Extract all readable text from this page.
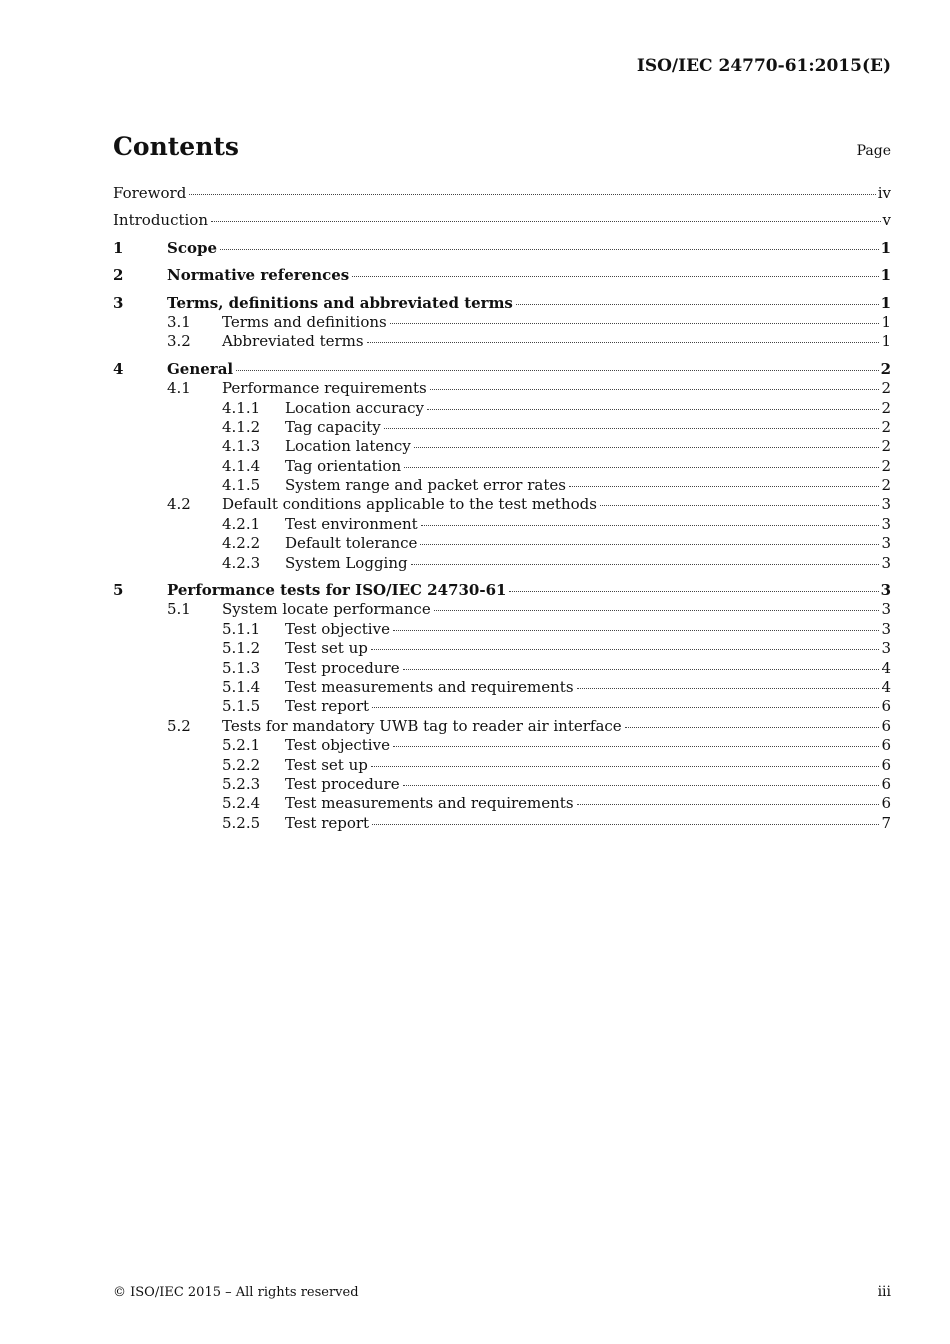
ISO/IEC 24770-61:2015(E)
Contents	Page
Foreword	iv
Introduction	v
1	Scope	1
2	Normative references	1
3	Terms, definitions and abbreviated terms	1
3.1	Terms and definitions	1
3.2	Abbreviated terms	1
4	General	2
4.1	Performance requirements	2
4.1.1	Location accuracy	2
4.1.2	Tag capacity	2
4.1.3	Location latency	2
4.1.4	Tag orientation	2
4.1.5	System range and packet error rates	2
4.2	Default conditions applicable to the test methods	3
4.2.1	Test environment	3
4.2.2	Default tolerance	3
4.2.3	System Logging	3
5	Performance tests for ISO/IEC 24730-61	3
5.1	System locate performance	3
5.1.1	Test objective	3
5.1.2	Test set up	3
5.1.3	Test procedure	4
5.1.4	Test measurements and requirements	4
5.1.5	Test report	6
5.2	Tests for mandatory UWB tag to reader air interface	6
5.2.1	Test objective	6
5.2.2	Test set up	6
5.2.3	Test procedure	6
5.2.4	Test measurements and requirements	6
5.2.5	Test report	7
© ISO/IEC 2015 – All rights reserved	iii
